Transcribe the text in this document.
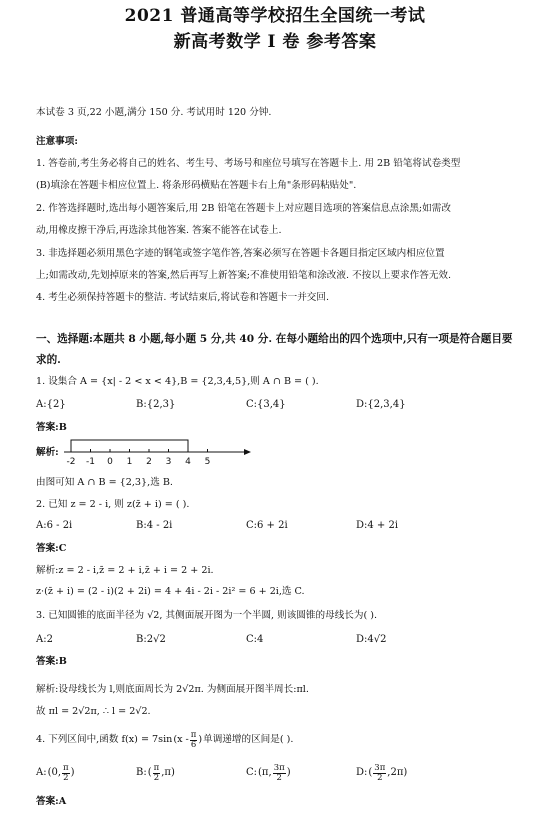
2021 普通高等学校招生全国统一考试
新高考数学 Ⅰ 卷 参考答案
本试卷 3 页,22 小题,满分 150 分. 考试用时 120 分钟.
注意事项:
1. 答卷前,考生务必将自己的姓名、考生号、考场号和座位号填写在答题卡上. 用 2B 铅笔将试卷类型
(B)填涂在答题卡相应位置上. 将条形码横贴在答题卡右上角"条形码粘贴处".
2. 作答选择题时,选出每小题答案后,用 2B 铅笔在答题卡上对应题目选项的答案信息点涂黑;如需改
动,用橡皮擦干净后,再选涂其他答案. 答案不能答在试卷上.
3. 非选择题必须用黑色字迹的钢笔或签字笔作答,答案必须写在答题卡各题目指定区域内相应位置
上;如需改动,先划掉原来的答案,然后再写上新答案;不准使用铅笔和涂改液. 不按以上要求作答无效.
4. 考生必须保持答题卡的整洁. 考试结束后,将试卷和答题卡一并交回.
一、选择题:本题共 8 小题,每小题 5 分,共 40 分. 在每小题给出的四个选项中,只有一项是符合题目要
求的.
1. 设集合 A = {x| - 2 < x < 4},B = {2,3,4,5},则 A ∩ B = ( ).
A:{2}	B:{2,3}	C:{3,4}	D:{2,3,4}
答案:B
解析:
-2 -1 0 1 2 3 4 5
由图可知 A ∩ B = {2,3},选 B.
2. 已知 z = 2 - i, 则 z(z̄ + i) = ( ).
A:6 - 2i	B:4 - 2i	C:6 + 2i	D:4 + 2i
答案:C
解析:z = 2 - i,z̄ = 2 + i,z̄ + i = 2 + 2i.
z·(z̄ + i) = (2 - i)(2 + 2i) = 4 + 4i - 2i - 2i² = 6 + 2i,选 C.
3. 已知圆锥的底面半径为 √2, 其侧面展开图为一个半圆, 则该圆锥的母线长为( ).
A:2	B:2√2	C:4	D:4√2
答案:B
解析:设母线长为 l,则底面周长为 2√2π. 为侧面展开图半周长:πl.
故 πl = 2√2π, ∴ l = 2√2.
4. 下列区间中,函数 f(x) = 7sin ($x - \frac{\pi}{6}$ ) 单调递增的区间是( ).
A: (0, $\frac{\pi}{2}$ )	B: ( $\frac{\pi}{2} ,\pi$)	C: (π, $\frac{3\pi}{2}$ )	D: ( $\frac{3\pi}{2} ,2\pi$)
答案:A
